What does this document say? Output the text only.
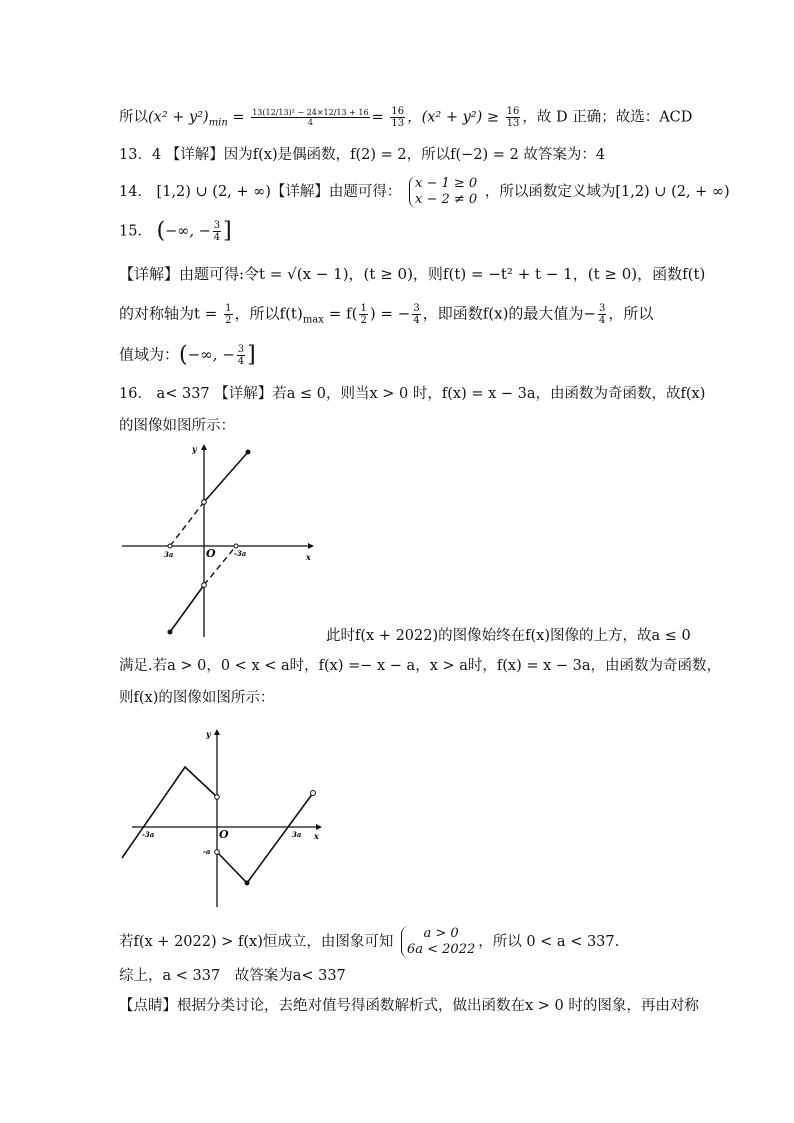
所以$(x^2 + y^2)_{min} = \frac{\text{13(12/13)² − 24×12/13 + 16}}{4} = \frac{16}{13}$ ，$(x^2 + y^2) \ge \frac{16}{13}$ ，故 D 正确；故选：ACD
13．4 【详解】因为f(x)是偶函数，f(2) = 2，所以f(−2) = 2 故答案为：4
14． [1,2) ∪ (2, + ∞)【详解】由题可得：
x − 1 ≥ 0
x − 2 ≠ 0 ，所以函数定义域为[1,2) ∪ (2, + ∞)
15． (−∞, − $\frac{3}{4}$ ]
【详解】由题可得:令t = √(x − 1)，(t ≥ 0)，则f(t) = −t² + t − 1，(t ≥ 0)，函数f(t)
的对称轴为$t = \frac{1}{2}$ ，所以$f(t)_{max} = f( \frac{1}{2}$ ) = − $\frac{3}{4}$ ，即函数f(x)的最大值为− $\frac{3}{4}$ ，所以
值域为：(−∞, − $\frac{3}{4}$ ]
16． a< 337 【详解】若a ≤ 0，则当x > 0 时，f(x) = x − 3a，由函数为奇函数，故f(x)
的图像如图所示：
y
x
O
3a	-3a
此时f(x + 2022)的图像始终在f(x)图像的上方，故a ≤ 0
满足.若a > 0，0 < x < a时，f(x) =− x − a，x > a时，f(x) = x − 3a，由函数为奇函数，
则f(x)的图像如图所示：
y
x
O
-3a	3a
-a
若f(x + 2022) > f(x)恒成立，由图象可知
a > 0
6a < 2022 ，所以 0 < a < 337.
综上，a < 337　故答案为a< 337
【点睛】根据分类讨论，去绝对值号得函数解析式，做出函数在x > 0 时的图象，再由对称
